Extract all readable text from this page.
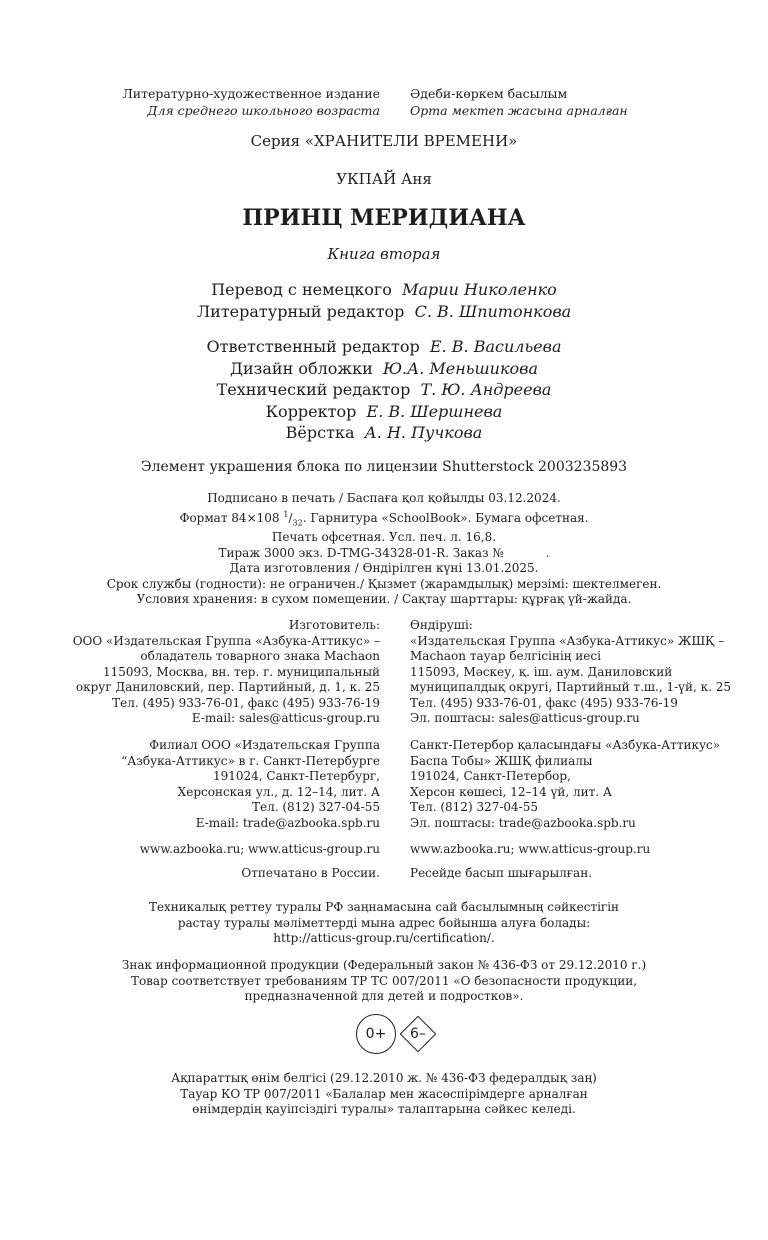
Литературно-художественное издание
Для среднего школьного возраста
Әдеби-көркем басылым
Орта мектеп жасына арналған
Серия «ХРАНИТЕЛИ ВРЕМЕНИ»
УКПАЙ Аня
ПРИНЦ МЕРИДИАНА
Книга вторая
Перевод с немецкого Марии Николенко
Литературный редактор С. В. Шпитонкова
Ответственный редактор Е. В. Васильева
Дизайн обложки Ю.А. Меньшикова
Технический редактор Т. Ю. Андреева
Корректор Е. В. Шершнева
Вёрстка А. Н. Пучкова
Элемент украшения блока по лицензии Shutterstock 2003235893
Подписано в печать / Баспаға қол қойылды 03.12.2024.
Формат 84×108 $^1/_{32}$. Гарнитура «SchoolBook». Бумага офсетная.
Печать офсетная. Усл. печ. л. 16,8.
Тираж 3000 экз. D-TMG-34328-01-R. Заказ №           .
Дата изготовления / Өндірілген күні 13.01.2025.
Срок службы (годности): не ограничен./ Қызмет (жарамдылық) мерзімі: шектелмеген.
Условия хранения: в сухом помещении. / Сақтау шарттары: құрғақ үй-жайда.
Изготовитель:
ООО «Издательская Группа «Азбука-Аттикус» –
обладатель товарного знака Machaon
115093, Москва, вн. тер. г. муниципальный
округ Даниловский, пер. Партийный, д. 1, к. 25
Тел. (495) 933-76-01, факс (495) 933-76-19
E-mail: sales@atticus-group.ru
Өндіруші:
«Издательская Группа «Азбука-Аттикус» ЖШҚ –
Machaon тауар белгісінің иесі
115093, Мәскеу, қ. іш. аум. Даниловский
муниципалдық округі, Партийный т.ш., 1-үй, к. 25
Тел. (495) 933-76-01, факс (495) 933-76-19
Эл. поштасы: sales@atticus-group.ru
Филиал ООО «Издательская Группа
“Азбука-Аттикус» в г. Санкт-Петербурге
191024, Санкт-Петербург,
Херсонская ул., д. 12–14, лит. А
Тел. (812) 327-04-55
E-mail: trade@azbooka.spb.ru
Санкт-Петербор қаласындағы «Азбука-Аттикус»
Баспа Тобы» ЖШҚ филиалы
191024, Санкт-Петербор,
Херсон көшесі, 12–14 үй, лит. А
Тел. (812) 327-04-55
Эл. поштасы: trade@azbooka.spb.ru
www.azbooka.ru; www.atticus-group.ru	www.azbooka.ru; www.atticus-group.ru
Отпечатано в России.	Ресейде басып шығарылған.
Техникалық реттеу туралы РФ заңнамасына сай басылымның сәйкестігін
растау туралы мәліметтерді мына адрес бойынша алуға болады:
http://atticus-group.ru/certification/.
Знак информационной продукции (Федеральный закон № 436-ФЗ от 29.12.2010 г.)
Товар соответствует требованиям ТР ТС 007/2011 «О безопасности продукции,
предназначенной для детей и подростков».
0+ 6–
Ақпараттық өнім белгісі (29.12.2010 ж. № 436-ФЗ федералдық заң)
Тауар КО ТР 007/2011 «Балалар мен жасөспірімдерге арналған
өнімдердің қауіпсіздігі туралы» талаптарына сәйкес келеді.
